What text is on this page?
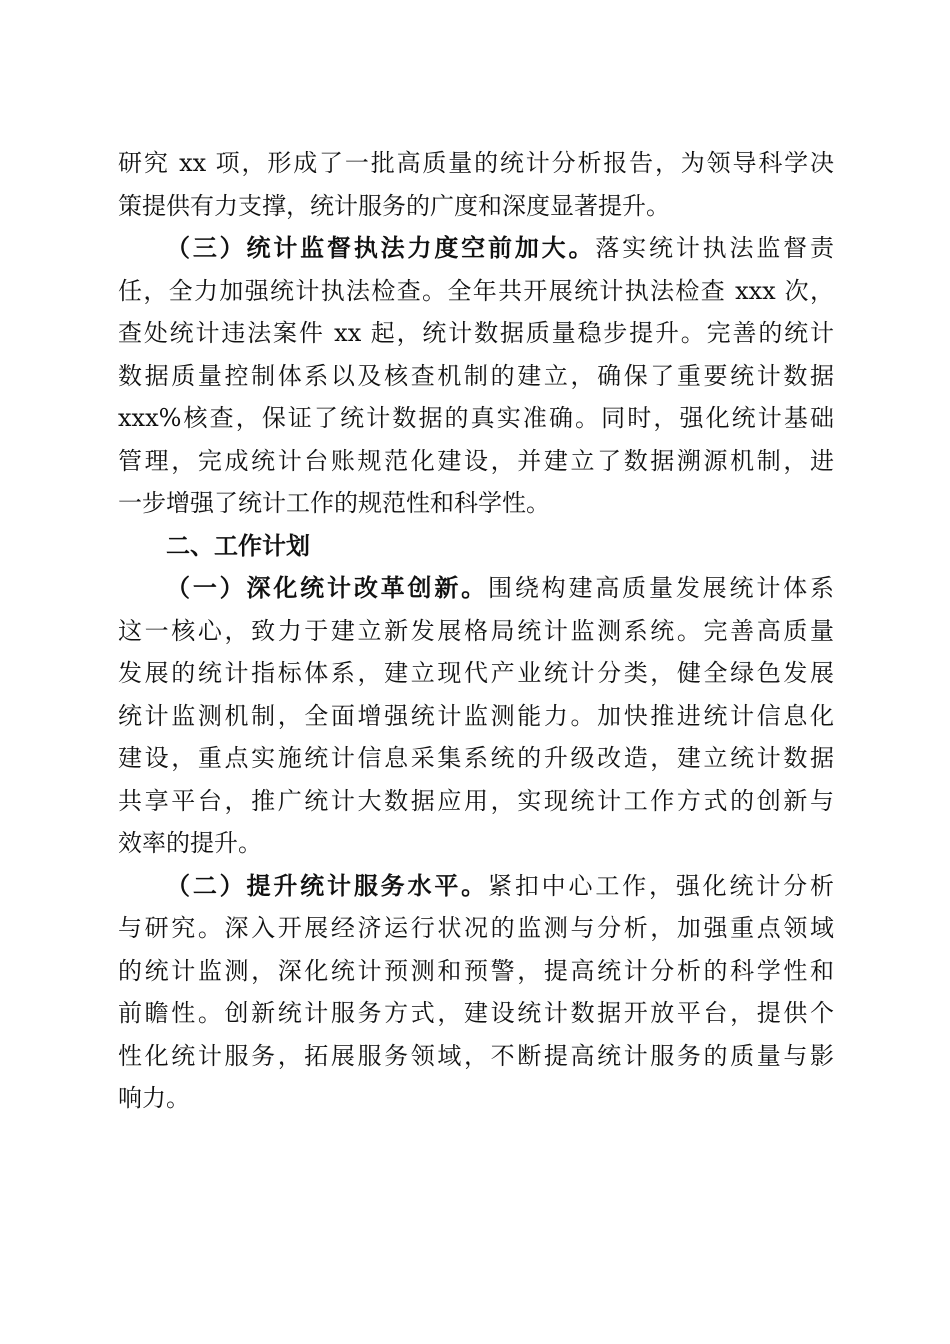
研究 xx 项，形成了一批高质量的统计分析报告，为领导科学决
策提供有力支撑，统计服务的广度和深度显著提升。
（三）统计监督执法力度空前加大。落实统计执法监督责
任，全力加强统计执法检查。全年共开展统计执法检查 xxx 次，
查处统计违法案件 xx 起，统计数据质量稳步提升。完善的统计
数据质量控制体系以及核查机制的建立，确保了重要统计数据
xxx%核查，保证了统计数据的真实准确。同时，强化统计基础
管理，完成统计台账规范化建设，并建立了数据溯源机制，进
一步增强了统计工作的规范性和科学性。
二、工作计划
（一）深化统计改革创新。围绕构建高质量发展统计体系
这一核心，致力于建立新发展格局统计监测系统。完善高质量
发展的统计指标体系，建立现代产业统计分类，健全绿色发展
统计监测机制，全面增强统计监测能力。加快推进统计信息化
建设，重点实施统计信息采集系统的升级改造，建立统计数据
共享平台，推广统计大数据应用，实现统计工作方式的创新与
效率的提升。
（二）提升统计服务水平。紧扣中心工作，强化统计分析
与研究。深入开展经济运行状况的监测与分析，加强重点领域
的统计监测，深化统计预测和预警，提高统计分析的科学性和
前瞻性。创新统计服务方式，建设统计数据开放平台，提供个
性化统计服务，拓展服务领域，不断提高统计服务的质量与影
响力。
